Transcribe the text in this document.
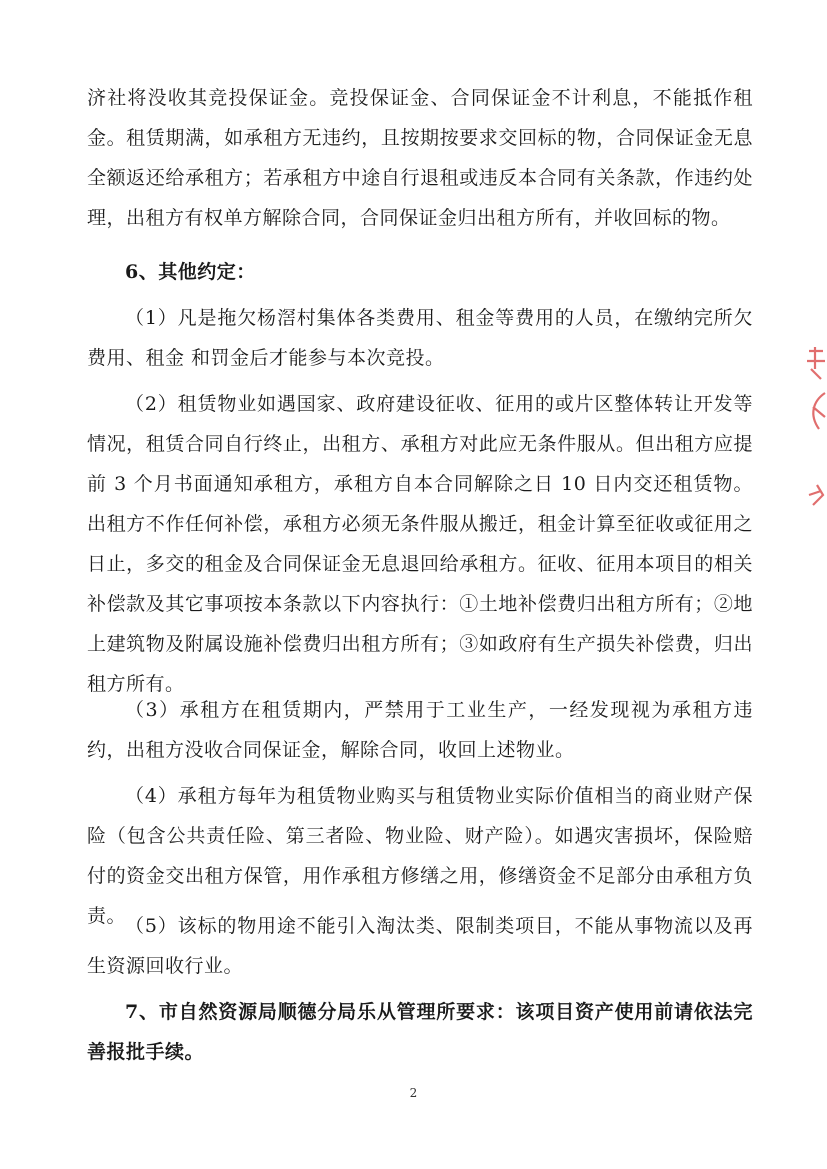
济社将没收其竞投保证金。竞投保证金、合同保证金不计利息，不能抵作租金。租赁期满，如承租方无违约，且按期按要求交回标的物，合同保证金无息全额返还给承租方；若承租方中途自行退租或违反本合同有关条款，作违约处理，出租方有权单方解除合同，合同保证金归出租方所有，并收回标的物。

6、其他约定：

（1）凡是拖欠杨滘村集体各类费用、租金等费用的人员，在缴纳完所欠费用、租金 和罚金后才能参与本次竞投。

（2）租赁物业如遇国家、政府建设征收、征用的或片区整体转让开发等情况，租赁合同自行终止，出租方、承租方对此应无条件服从。但出租方应提前 3 个月书面通知承租方，承租方自本合同解除之日 10 日内交还租赁物。出租方不作任何补偿，承租方必须无条件服从搬迁，租金计算至征收或征用之日止，多交的租金及合同保证金无息退回给承租方。征收、征用本项目的相关补偿款及其它事项按本条款以下内容执行：①土地补偿费归出租方所有；②地上建筑物及附属设施补偿费归出租方所有；③如政府有生产损失补偿费，归出租方所有。

（3）承租方在租赁期内，严禁用于工业生产，一经发现视为承租方违约，出租方没收合同保证金，解除合同，收回上述物业。

（4）承租方每年为租赁物业购买与租赁物业实际价值相当的商业财产保险（包含公共责任险、第三者险、物业险、财产险）。如遇灾害损坏，保险赔付的资金交出租方保管，用作承租方修缮之用，修缮资金不足部分由承租方负责。

（5）该标的物用途不能引入淘汰类、限制类项目，不能从事物流以及再生资源回收行业。

7、市自然资源局顺德分局乐从管理所要求：该项目资产使用前请依法完善报批手续。

2
